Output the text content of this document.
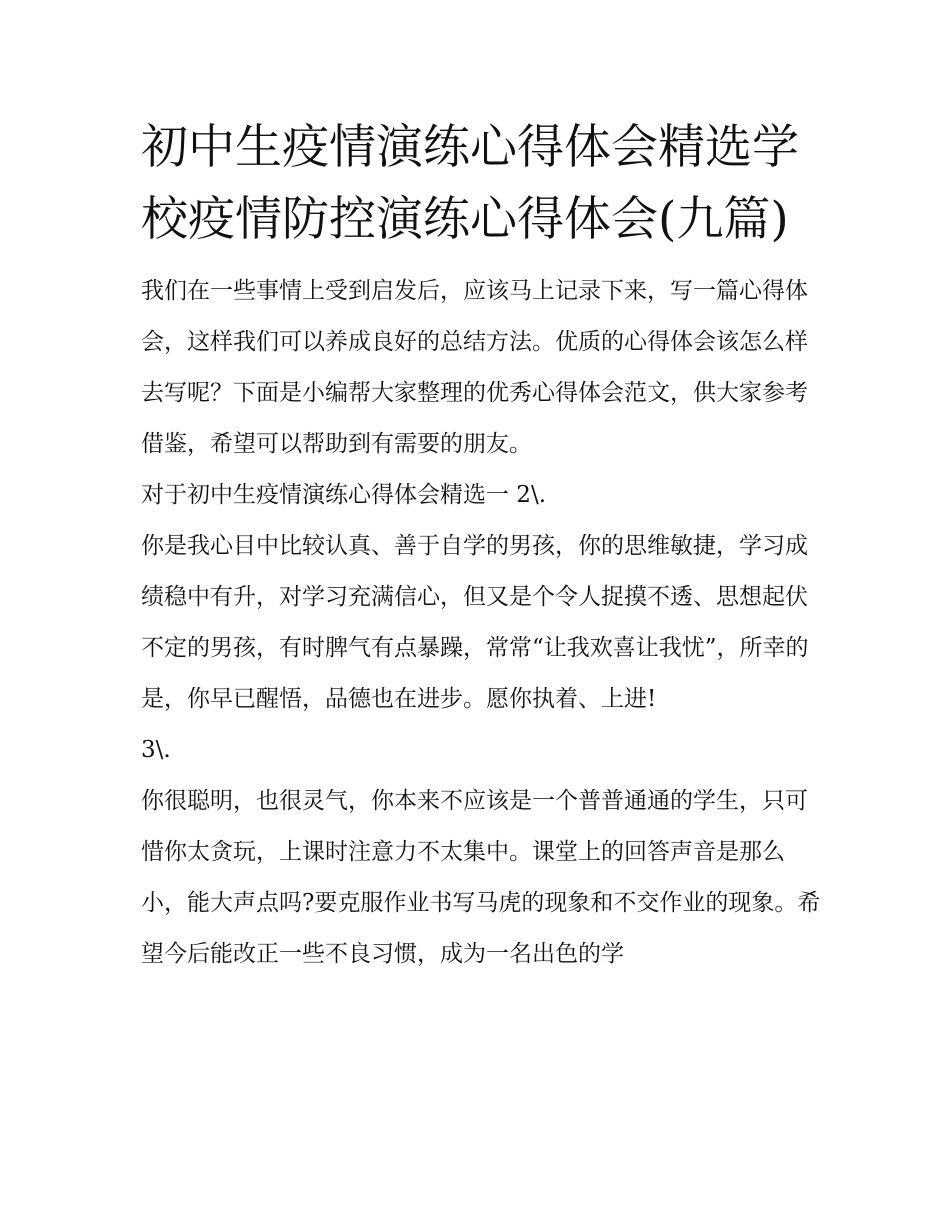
初中生疫情演练心得体会精选学校疫情防控演练心得体会(九篇)

我们在一些事情上受到启发后，应该马上记录下来，写一篇心得体会，这样我们可以养成良好的总结方法。优质的心得体会该怎么样去写呢？下面是小编帮大家整理的优秀心得体会范文，供大家参考借鉴，希望可以帮助到有需要的朋友。

对于初中生疫情演练心得体会精选一 2\.

你是我心目中比较认真、善于自学的男孩，你的思维敏捷，学习成绩稳中有升，对学习充满信心，但又是个令人捉摸不透、思想起伏不定的男孩，有时脾气有点暴躁，常常“让我欢喜让我忧”，所幸的是，你早已醒悟，品德也在进步。愿你执着、上进!

3\.

你很聪明，也很灵气，你本来不应该是一个普普通通的学生，只可惜你太贪玩，上课时注意力不太集中。课堂上的回答声音是那么小，能大声点吗?要克服作业书写马虎的现象和不交作业的现象。希望今后能改正一些不良习惯，成为一名出色的学
